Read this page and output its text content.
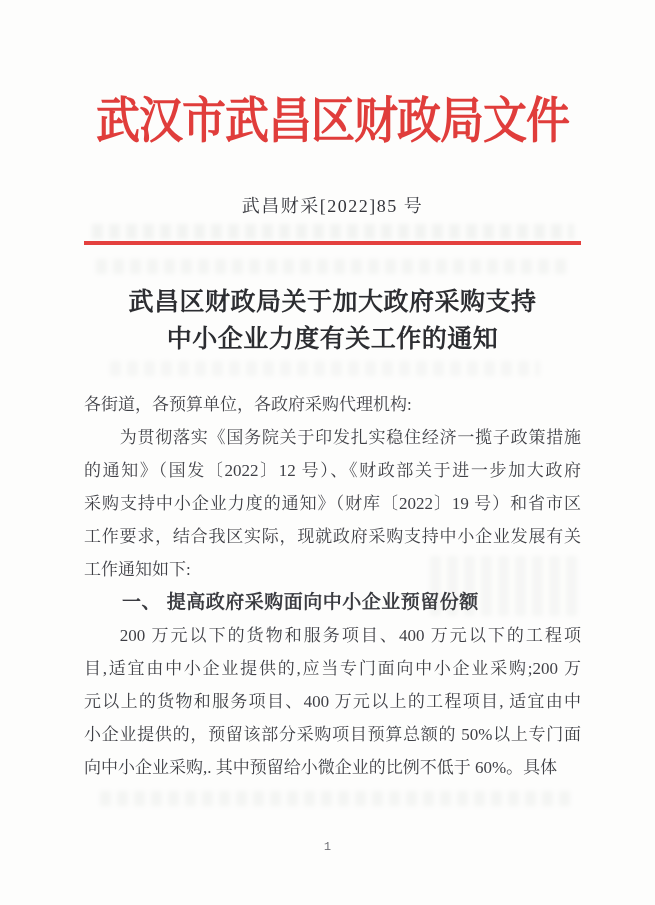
武汉市武昌区财政局文件
武昌财采[2022]85 号
武昌区财政局关于加大政府采购支持
中小企业力度有关工作的通知
各街道，各预算单位，各政府采购代理机构:
为贯彻落实《国务院关于印发扎实稳住经济一揽子政策措施
的通知》（国发〔2022〕12 号）、《财政部关于进一步加大政府
采购支持中小企业力度的通知》（财库〔2022〕19 号）和省市区
工作要求，结合我区实际，现就政府采购支持中小企业发展有关
工作通知如下:
一、 提高政府采购面向中小企业预留份额
200 万元以下的货物和服务项目、400 万元以下的工程项
目,适宜由中小企业提供的,应当专门面向中小企业采购;200 万
元以上的货物和服务项目、400 万元以上的工程项目, 适宜由中
小企业提供的，预留该部分采购项目预算总额的 50%以上专门面
向中小企业采购,. 其中预留给小微企业的比例不低于 60%。具体
1
